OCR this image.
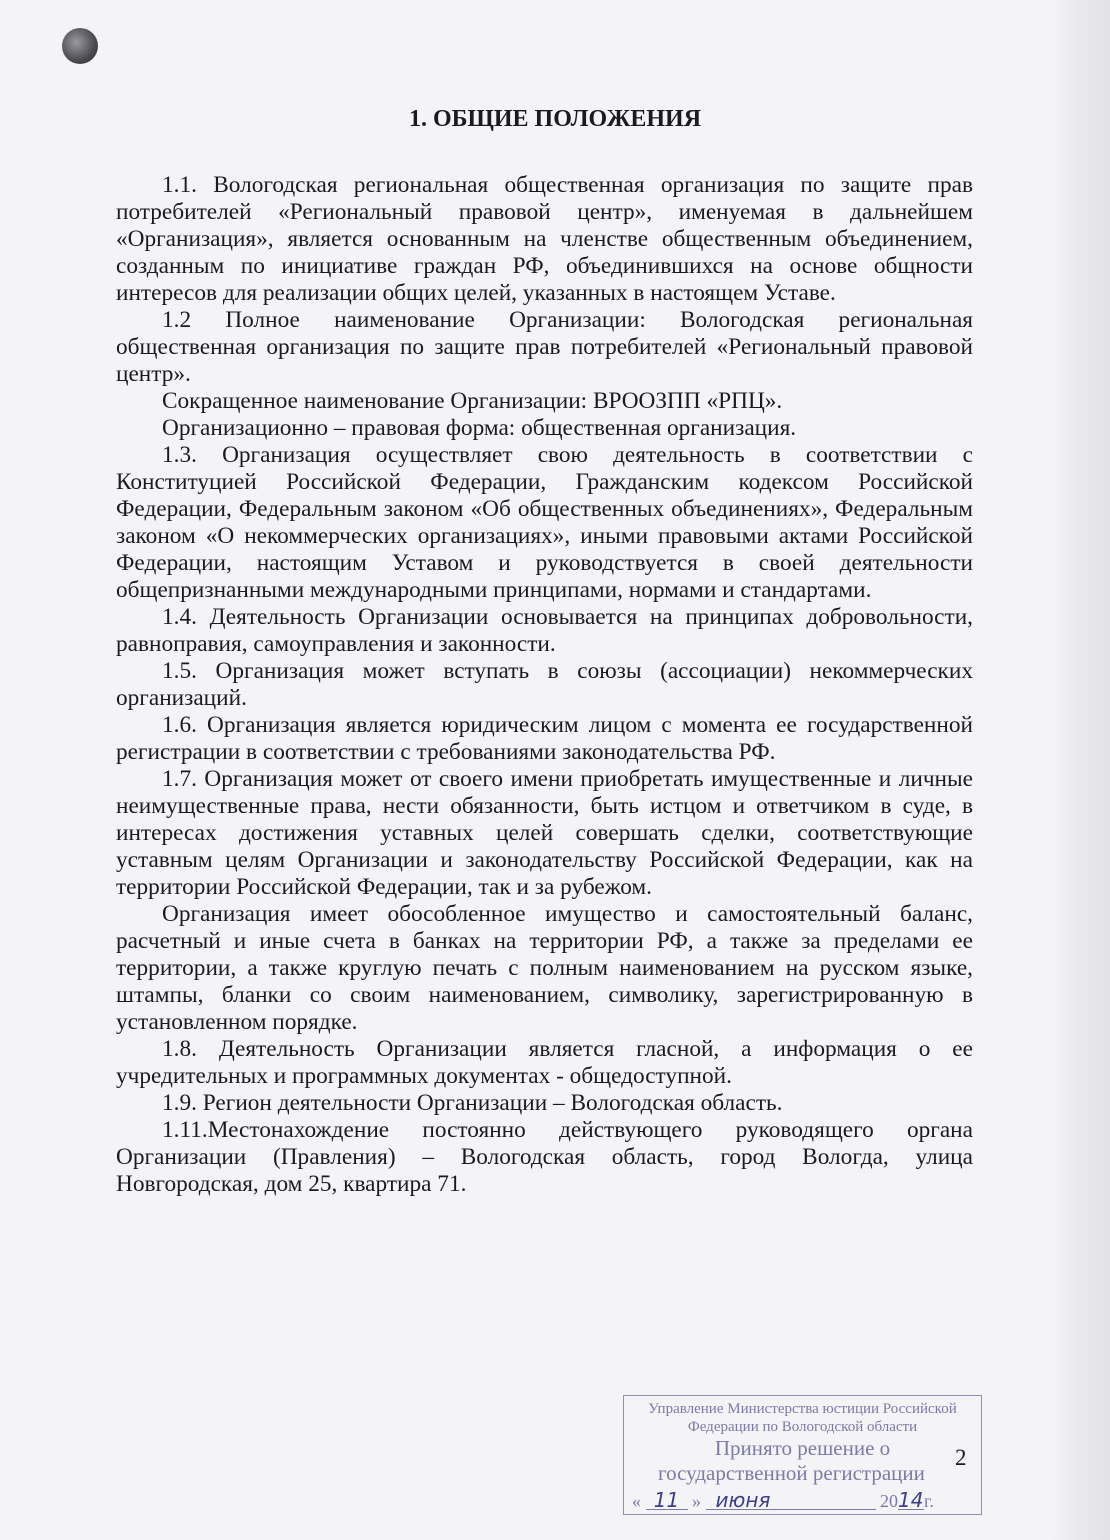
1. ОБЩИЕ ПОЛОЖЕНИЯ

1.1. Вологодская региональная общественная организация по защите прав потребителей «Региональный правовой центр», именуемая в дальнейшем «Организация», является основанным на членстве общественным объединением, созданным по инициативе граждан РФ, объединившихся на основе общности интересов для реализации общих целей, указанных в настоящем Уставе.

1.2 Полное наименование Организации: Вологодская региональная общественная организация по защите прав потребителей «Региональный правовой центр».

Сокращенное наименование Организации: ВРООЗПП «РПЦ».

Организационно – правовая форма: общественная организация.

1.3. Организация осуществляет свою деятельность в соответствии с Конституцией Российской Федерации, Гражданским кодексом Российской Федерации, Федеральным законом «Об общественных объединениях», Федеральным законом «О некоммерческих организациях», иными правовыми актами Российской Федерации, настоящим Уставом и руководствуется в своей деятельности общепризнанными международными принципами, нормами и стандартами.

1.4. Деятельность Организации основывается на принципах добровольности, равноправия, самоуправления и законности.

1.5. Организация может вступать в союзы (ассоциации) некоммерческих организаций.

1.6. Организация является юридическим лицом с момента ее государственной регистрации в соответствии с требованиями законодательства РФ.

1.7. Организация может от своего имени приобретать имущественные и личные неимущественные права, нести обязанности, быть истцом и ответчиком в суде, в интересах достижения уставных целей совершать сделки, соответствующие уставным целям Организации и законодательству Российской Федерации, как на территории Российской Федерации, так и за рубежом.

Организация имеет обособленное имущество и самостоятельный баланс, расчетный и иные счета в банках на территории РФ, а также за пределами ее территории, а также круглую печать с полным наименованием на русском языке, штампы, бланки со своим наименованием, символику, зарегистрированную в установленном порядке.

1.8. Деятельность Организации является гласной, а информация о ее учредительных и программных документах - общедоступной.

1.9. Регион деятельности Организации – Вологодская область.

1.11.Местонахождение постоянно действующего руководящего органа Организации (Правления) – Вологодская область, город Вологда, улица Новгородская, дом 25, квартира 71.

Управление Министерства юстиции Российской
Федерации по Вологодской области
Принято решение о
государственной регистрации
« 11 » июня	2014г.
2
